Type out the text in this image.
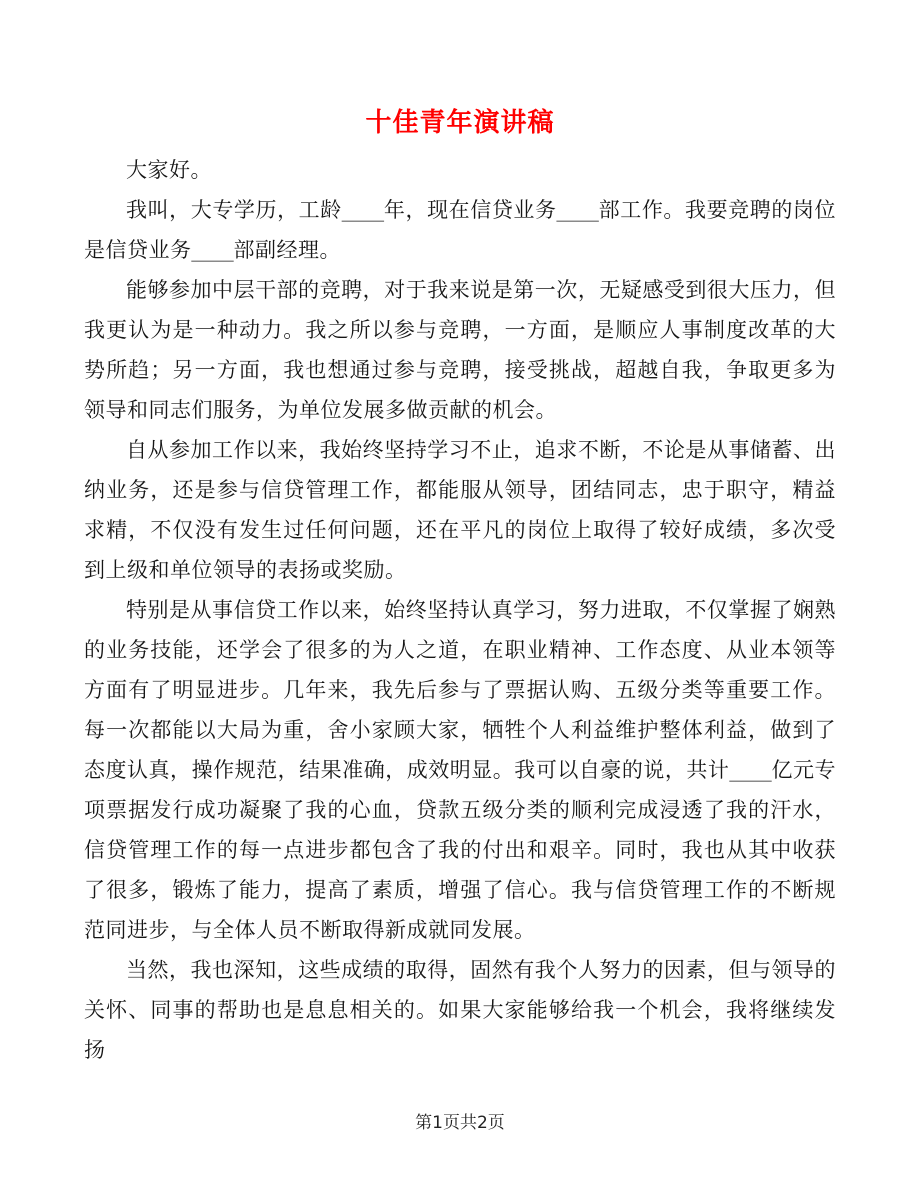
十佳青年演讲稿

大家好。

我叫，大专学历，工龄____年，现在信贷业务____部工作。我要竞聘的岗位是信贷业务____部副经理。

能够参加中层干部的竞聘，对于我来说是第一次，无疑感受到很大压力，但我更认为是一种动力。我之所以参与竞聘，一方面，是顺应人事制度改革的大势所趋；另一方面，我也想通过参与竞聘，接受挑战，超越自我，争取更多为领导和同志们服务，为单位发展多做贡献的机会。

自从参加工作以来，我始终坚持学习不止，追求不断，不论是从事储蓄、出纳业务，还是参与信贷管理工作，都能服从领导，团结同志，忠于职守，精益求精，不仅没有发生过任何问题，还在平凡的岗位上取得了较好成绩，多次受到上级和单位领导的表扬或奖励。

特别是从事信贷工作以来，始终坚持认真学习，努力进取，不仅掌握了娴熟的业务技能，还学会了很多的为人之道，在职业精神、工作态度、从业本领等方面有了明显进步。几年来，我先后参与了票据认购、五级分类等重要工作。每一次都能以大局为重，舍小家顾大家，牺牲个人利益维护整体利益，做到了态度认真，操作规范，结果准确，成效明显。我可以自豪的说，共计____亿元专项票据发行成功凝聚了我的心血，贷款五级分类的顺利完成浸透了我的汗水，信贷管理工作的每一点进步都包含了我的付出和艰辛。同时，我也从其中收获了很多，锻炼了能力，提高了素质，增强了信心。我与信贷管理工作的不断规范同进步，与全体人员不断取得新成就同发展。

当然，我也深知，这些成绩的取得，固然有我个人努力的因素，但与领导的关怀、同事的帮助也是息息相关的。如果大家能够给我一个机会，我将继续发扬

第1页共2页
